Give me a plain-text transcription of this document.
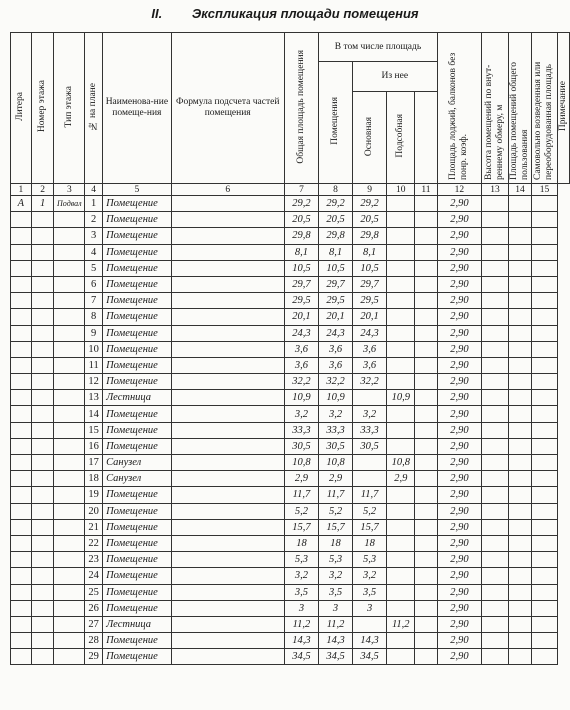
II. Экспликация площади помещения
Литера	Номер этажа	Тип этажа	№ на плане	Наименова-ние помеще-ния	Формула подсчета частей помещения	Общая площадь помещения	В том числе площадь				Площадь лоджий, балконов без понр. коэф.	Высота помещений по внут-реннему обмеру, м	Площадь помещений общего пользования	Самовольно возведенная или переоборудованная площадь	Примечание
							Помещения	Из нее							
								Основная	Подсобная						
1	2	3	4	5	6	7	8	9	10	11	12	13	14	15	
А	1	Подвал	1	Помещение		29,2	29,2	29,2			2,90				
			2	Помещение		20,5	20,5	20,5			2,90				
			3	Помещение		29,8	29,8	29,8			2,90				
			4	Помещение		8,1	8,1	8,1			2,90				
			5	Помещение		10,5	10,5	10,5			2,90				
			6	Помещение		29,7	29,7	29,7			2,90				
			7	Помещение		29,5	29,5	29,5			2,90				
			8	Помещение		20,1	20,1	20,1			2,90				
			9	Помещение		24,3	24,3	24,3			2,90				
			10	Помещение		3,6	3,6	3,6			2,90				
			11	Помещение		3,6	3,6	3,6			2,90				
			12	Помещение		32,2	32,2	32,2			2,90				
			13	Лестница		10,9	10,9		10,9		2,90				
			14	Помещение		3,2	3,2	3,2			2,90				
			15	Помещение		33,3	33,3	33,3			2,90				
			16	Помещение		30,5	30,5	30,5			2,90				
			17	Санузел		10,8	10,8		10,8		2,90				
			18	Санузел		2,9	2,9		2,9		2,90				
			19	Помещение		11,7	11,7	11,7			2,90				
			20	Помещение		5,2	5,2	5,2			2,90				
			21	Помещение		15,7	15,7	15,7			2,90				
			22	Помещение		18	18	18			2,90				
			23	Помещение		5,3	5,3	5,3			2,90				
			24	Помещение		3,2	3,2	3,2			2,90				
			25	Помещение		3,5	3,5	3,5			2,90				
			26	Помещение		3	3	3			2,90				
			27	Лестница		11,2	11,2		11,2		2,90				
			28	Помещение		14,3	14,3	14,3			2,90				
			29	Помещение		34,5	34,5	34,5			2,90				
